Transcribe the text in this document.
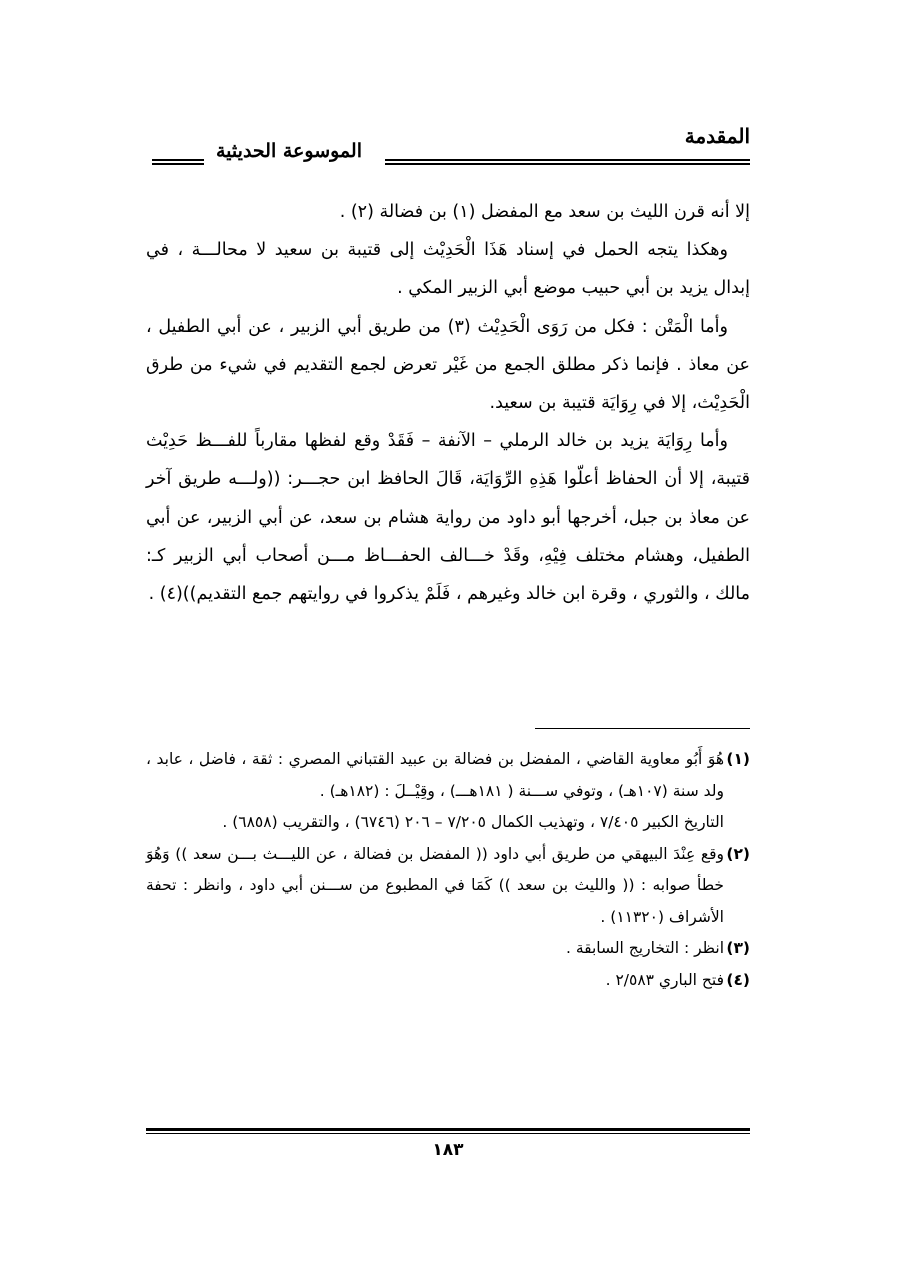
المقدمة
الموسوعة الحديثية

إلا أنه قرن الليث بن سعد مع المفضل (١) بن فضالة (٢) .

وهكذا يتجه الحمل في إسناد هَذَا الْحَدِيْث إلى قتيبة بن سعيد لا محالـــة ، في إبدال يزيد بن أبي حبيب موضع أبي الزبير المكي .

وأما الْمَتْن : فكل من رَوَى الْحَدِيْث (٣) من طريق أبي الزبير ، عن أبي الطفيل ، عن معاذ . فإنما ذكر مطلق الجمع من غَيْر تعرض لجمع التقديم في شيء من طرق الْحَدِيْث، إلا في رِوَايَة قتيبة بن سعيد.

وأما رِوَايَة يزيد بن خالد الرملي – الآنفة – فَقَدْ وقع لفظها مقارباً للفـــظ حَدِيْث قتيبة، إلا أن الحفاظ أعلّوا هَذِهِ الرِّوَايَة، قَالَ الحافظ ابن حجـــر: ((ولـــه طريق آخر عن معاذ بن جبل، أخرجها أبو داود من رواية هشام بن سعد، عن أبي الزبير، عن أبي الطفيل، وهشام مختلف فِيْهِ، وقَدْ خـــالف الحفـــاظ مـــن أصحاب أبي الزبير كـ: مالك ، والثوري ، وقرة ابن خالد وغيرهم ، فَلَمْ يذكروا في روايتهم جمع التقديم))(٤) .

(١)
هُوَ أَبُو معاوية القاضي ، المفضل بن فضالة بن عبيد القتباني المصري : ثقة ، فاضل ، عابد ، ولد سنة (١٠٧هـ) ، وتوفي ســـنة ( ١٨١هـــ) ، وقِيْــلَ : (١٨٢هـ) .

التاريخ الكبير ٧/٤٠٥ ، وتهذيب الكمال ٧/٢٠٥ – ٢٠٦ (٦٧٤٦) ، والتقريب (٦٨٥٨) .

(٢)
وقع عِنْدَ البيهقي من طريق أبي داود (( المفضل بن فضالة ، عن الليـــث بـــن سعد )) وَهُوَ خطأ صوابه : (( والليث بن سعد )) كَمَا في المطبوع من ســـنن أبي داود ، وانظر : تحفة الأشراف (١١٣٢٠) .

(٣)
انظر : التخاريج السابقة .

(٤)
فتح الباري ٢/٥٨٣ .

١٨٣
